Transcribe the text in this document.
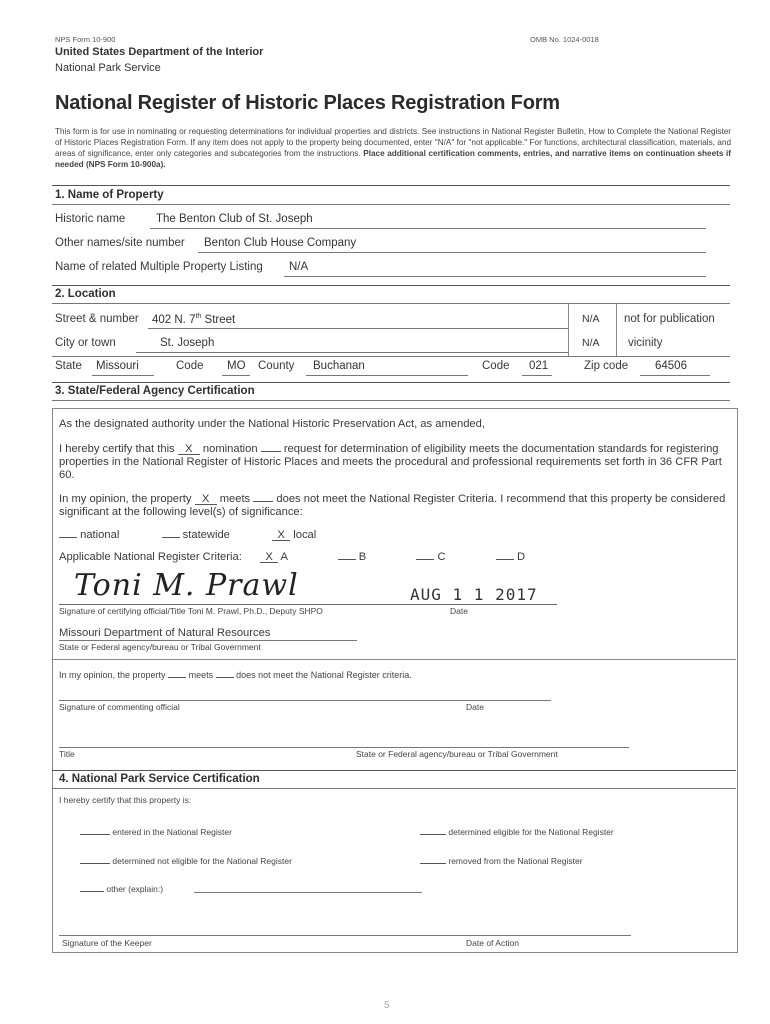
NPS Form 10-900	OMB No. 1024-0018
United States Department of the Interior
National Park Service
National Register of Historic Places Registration Form
This form is for use in nominating or requesting determinations for individual properties and districts. See instructions in National Register Bulletin, How to Complete the National Register of Historic Places Registration Form. If any item does not apply to the property being documented, enter "N/A" for "not applicable." For functions, architectural classification, materials, and areas of significance, enter only categories and subcategories from the instructions. Place additional certification comments, entries, and narrative items on continuation sheets if needed (NPS Form 10-900a).
1. Name of Property
Historic name	The Benton Club of St. Joseph
Other names/site number Benton Club House Company
Name of related Multiple Property Listing N/A
2. Location
Street & number 402 N. 7th Street	N/A not for publication
City or town	St. Joseph	N/A vicinity
State Missouri	Code MO County Buchanan	Code 021	Zip code 64506
3. State/Federal Agency Certification
As the designated authority under the National Historic Preservation Act, as amended,
I hereby certify that this X nomination request for determination of eligibility meets the documentation standards for registering properties in the National Register of Historic Places and meets the procedural and professional requirements set forth in 36 CFR Part 60.
In my opinion, the property X meets does not meet the National Register Criteria. I recommend that this property be considered significant at the following level(s) of significance:
national	statewide	X local
Applicable National Register Criteria: X A	B	C	D
Toni M. Prawl	AUG 1 1 2017
Signature of certifying official/Title Toni M. Prawl, Ph.D., Deputy SHPO	Date
Missouri Department of Natural Resources
State or Federal agency/bureau or Tribal Government
In my opinion, the property	meets	does not meet the National Register criteria.
Signature of commenting official	Date
Title	State or Federal agency/bureau or Tribal Government
4. National Park Service Certification
I hereby certify that this property is:
entered in the National Register	determined eligible for the National Register
determined not eligible for the National Register	removed from the National Register
other (explain:)
Signature of the Keeper	Date of Action
5
